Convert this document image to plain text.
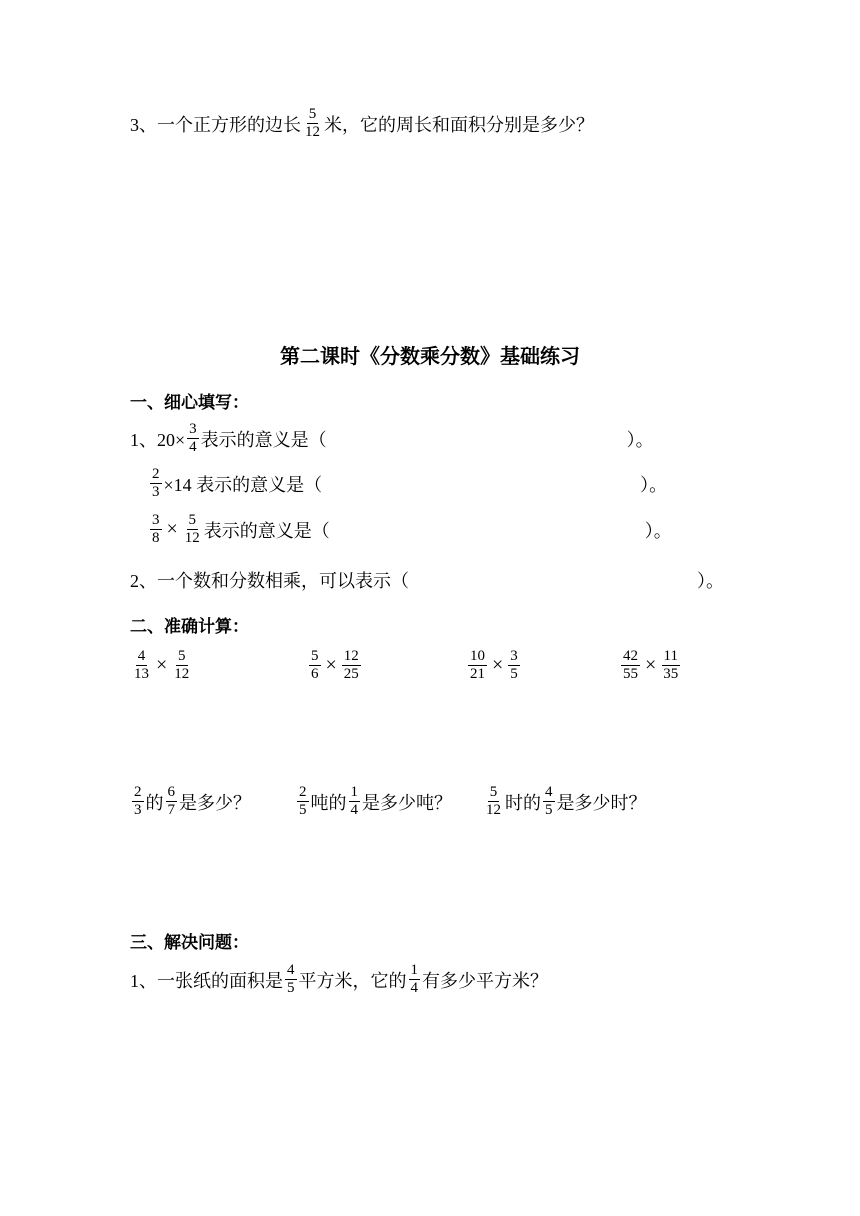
3、一个正方形的边长 $\frac{5}{12}$ 米，它的周长和面积分别是多少？
第二课时《分数乘分数》基础练习
一、细心填写：
1、$20\times \frac{3}{4}$ 表示的意义是（	）。
$\frac{2}{3} \times 14$ 表示的意义是（	）。
$\frac{3}{8} \times \frac{5}{12}$ 表示的意义是（	）。
2、一个数和分数相乘，可以表示（	）。
二、准确计算：
$\frac{4}{13} \times \frac{5}{12}$	$\frac{5}{6} \times \frac{12}{25}$	$\frac{10}{21} \times \frac{3}{5}$	$\frac{42}{55} \times \frac{11}{35}$
$\frac{2}{3}$ 的 $\frac{6}{7}$ 是多少？	$\frac{2}{5}$ 吨的 $\frac{1}{4}$ 是多少吨？ $\frac{5}{12}$ 时的 $\frac{4}{5}$ 是多少时？
三、解决问题：
1、一张纸的面积是 $\frac{4}{5}$ 平方米，它的 $\frac{1}{4}$ 有多少平方米？
